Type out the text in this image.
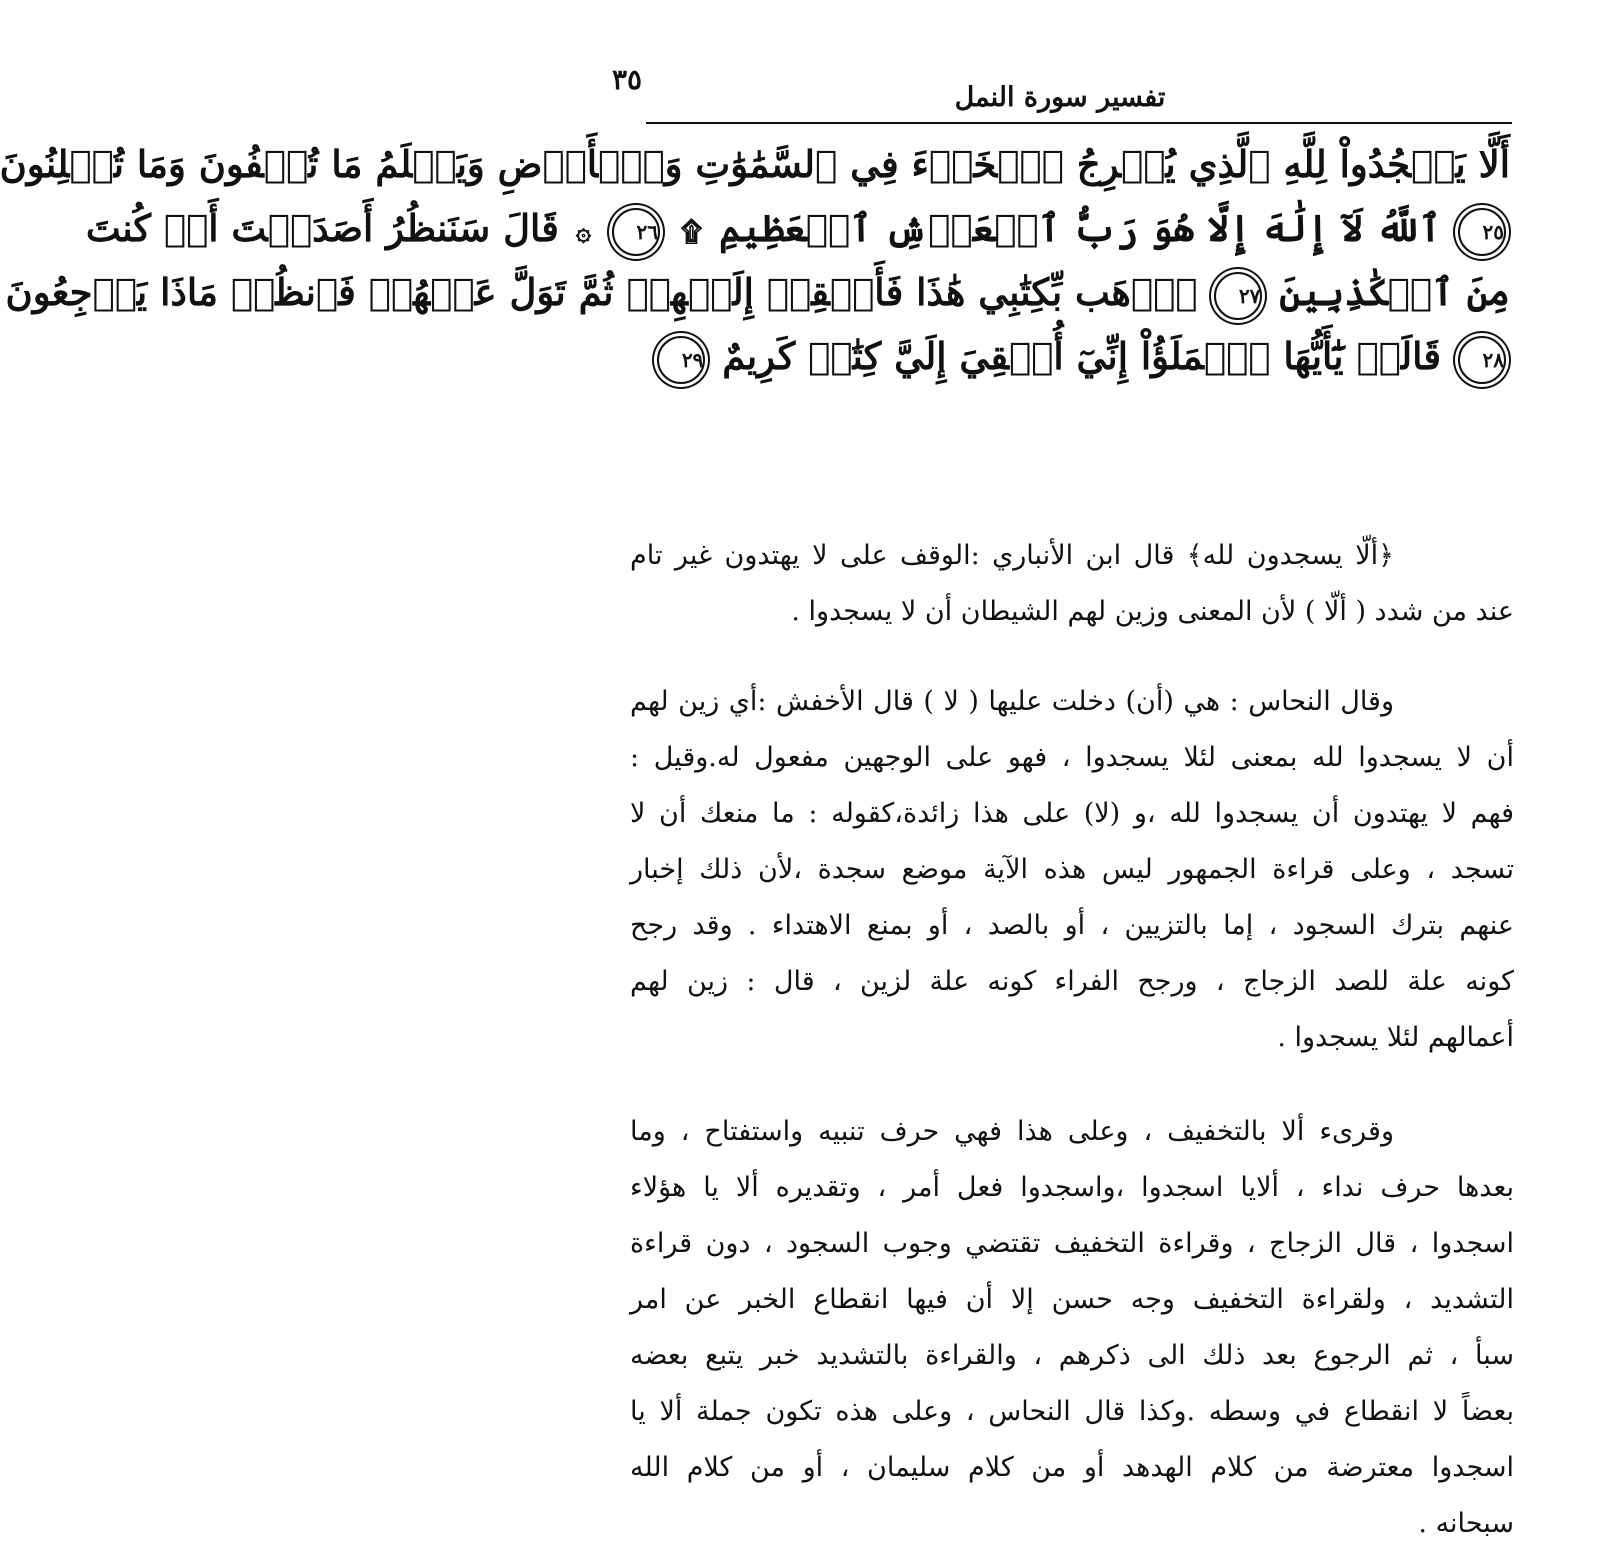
٣٥
تفسير سورة النمل
أَلَّا يَسۡجُدُواْ لِلَّهِ ٱلَّذِي يُخۡرِجُ ٱلۡخَبۡءَ فِي ٱلسَّمَٰوَٰتِ وَٱلۡأَرۡضِ وَيَعۡلَمُ مَا تُخۡفُونَ وَمَا تُعۡلِنُونَ
٢٥ ٱللَّهُ لَآ إِلَٰهَ إِلَّا هُوَ رَبُّ ٱلۡعَرۡشِ ٱلۡعَظِيمِ ۩ ٢٦ ۞ قَالَ سَنَنظُرُ أَصَدَقۡتَ أَمۡ كُنتَ
مِنَ ٱلۡكَٰذِبِينَ ٢٧ ٱذۡهَب بِّكِتَٰبِي هَٰذَا فَأَلۡقِهۡ إِلَيۡهِمۡ ثُمَّ تَوَلَّ عَنۡهُمۡ فَٱنظُرۡ مَاذَا يَرۡجِعُونَ
٢٨ قَالَتۡ يَٰٓأَيُّهَا ٱلۡمَلَؤُاْ إِنِّيٓ أُلۡقِيَ إِلَيَّ كِتَٰبٞ كَرِيمٌ ٢٩
﴿ألّا يسجدون لله﴾ قال ابن الأنباري :الوقف على لا يهتدون غير تام
عند من شدد ( ألّا ) لأن المعنى وزين لهم الشيطان أن لا يسجدوا .
وقال النحاس : هي (أن) دخلت عليها ( لا ) قال الأخفش :أي زين لهم
أن لا يسجدوا لله بمعنى لئلا يسجدوا ، فهو على الوجهين مفعول له.وقيل :
فهم لا يهتدون أن يسجدوا لله ،و (لا) على هذا زائدة،كقوله : ما منعك أن لا
تسجد ، وعلى قراءة الجمهور ليس هذه الآية موضع سجدة ،لأن ذلك إخبار
عنهم بترك السجود ، إما بالتزيين ، أو بالصد ، أو بمنع الاهتداء . وقد رجح
كونه علة للصد الزجاج ، ورجح الفراء كونه علة لزين ، قال : زين لهم
أعمالهم لئلا يسجدوا .
وقرىء ألا بالتخفيف ، وعلى هذا فهي حرف تنبيه واستفتاح ، وما
بعدها حرف نداء ، ألايا اسجدوا ،واسجدوا فعل أمر ، وتقديره ألا يا هؤلاء
اسجدوا ، قال الزجاج ، وقراءة التخفيف تقتضي وجوب السجود ، دون قراءة
التشديد ، ولقراءة التخفيف وجه حسن إلا أن فيها انقطاع الخبر عن امر
سبأ ، ثم الرجوع بعد ذلك الى ذكرهم ، والقراءة بالتشديد خبر يتبع بعضه
بعضاً لا انقطاع في وسطه .وكذا قال النحاس ، وعلى هذه تكون جملة ألا يا
اسجدوا معترضة من كلام الهدهد أو من كلام سليمان ، أو من كلام الله
سبحانه .
